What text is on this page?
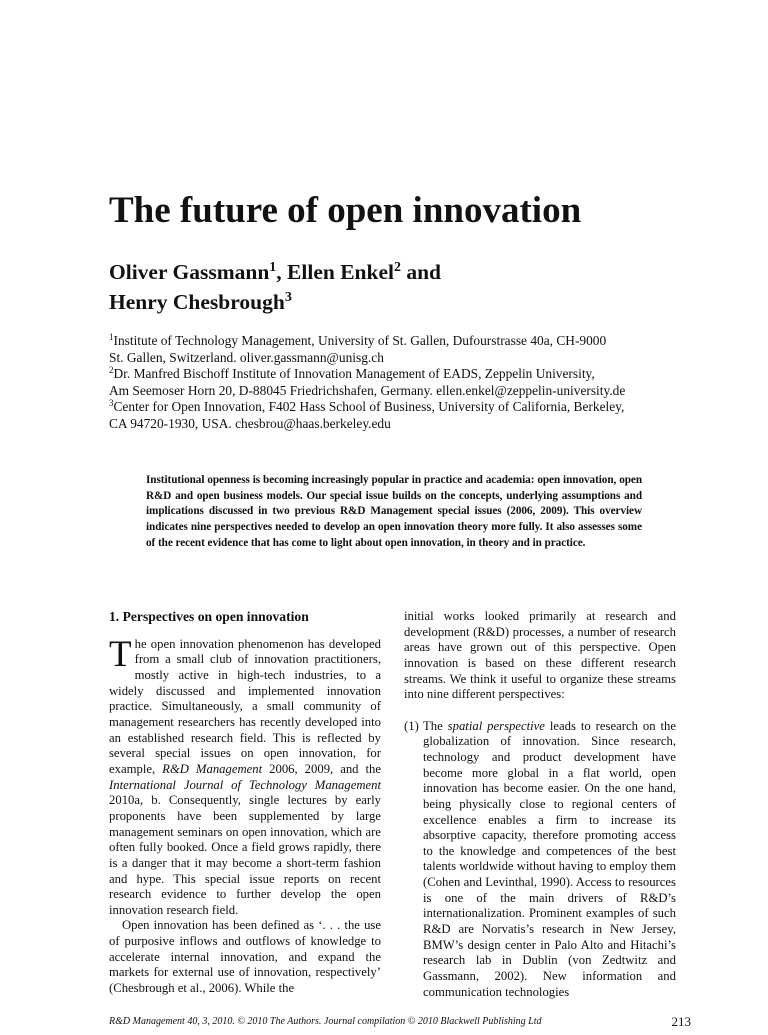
The future of open innovation
Oliver Gassmann$^1$, Ellen Enkel$^2$ and
Henry Chesbrough$^3$
$^1$Institute of Technology Management, University of St. Gallen, Dufourstrasse 40a, CH-9000
St. Gallen, Switzerland. oliver.gassmann@unisg.ch
$^2$Dr. Manfred Bischoff Institute of Innovation Management of EADS, Zeppelin University,
Am Seemoser Horn 20, D-88045 Friedrichshafen, Germany. ellen.enkel@zeppelin-university.de
$^3$Center for Open Innovation, F402 Hass School of Business, University of California, Berkeley,
CA 94720-1930, USA. chesbrou@haas.berkeley.edu

Institutional openness is becoming increasingly popular in practice and academia: open innovation, open R&D and open business models. Our special issue builds on the concepts, underlying assumptions and implications discussed in two previous R&D Management special issues (2006, 2009). This overview indicates nine perspectives needed to develop an open innovation theory more fully. It also assesses some of the recent evidence that has come to light about open innovation, in theory and in practice.

1. Perspectives on open innovation

The open innovation phenomenon has developed from a small club of innovation practitioners, mostly active in high-tech industries, to a widely discussed and implemented innovation practice. Simultaneously, a small community of management researchers has recently developed into an established research field. This is reflected by several special issues on open innovation, for example, R&D Management 2006, 2009, and the International Journal of Technology Management 2010a, b. Consequently, single lectures by early proponents have been supplemented by large management seminars on open innovation, which are often fully booked. Once a field grows rapidly, there is a danger that it may become a short-term fashion and hype. This special issue reports on recent research evidence to further develop the open innovation research field.

Open innovation has been defined as ‘. . . the use of purposive inflows and outflows of knowledge to accelerate internal innovation, and expand the markets for external use of innovation, respectively’ (Chesbrough et al., 2006). While the

initial works looked primarily at research and development (R&D) processes, a number of research areas have grown out of this perspective. Open innovation is based on these different research streams. We think it useful to organize these streams into nine different perspectives:

(1) The spatial perspective leads to research on the globalization of innovation. Since research, technology and product development have become more global in a flat world, open innovation has become easier. On the one hand, being physically close to regional centers of excellence enables a firm to increase its absorptive capacity, therefore promoting access to the knowledge and competences of the best talents worldwide without having to employ them (Cohen and Levinthal, 1990). Access to resources is one of the main drivers of R&D’s internationalization. Prominent examples of such R&D are Norvatis’s research in New Jersey, BMW’s design center in Palo Alto and Hitachi’s research lab in Dublin (von Zedtwitz and Gassmann, 2002). New information and communication technologies
R&D Management 40, 3, 2010. © 2010 The Authors. Journal compilation © 2010 Blackwell Publishing Ltd	213
